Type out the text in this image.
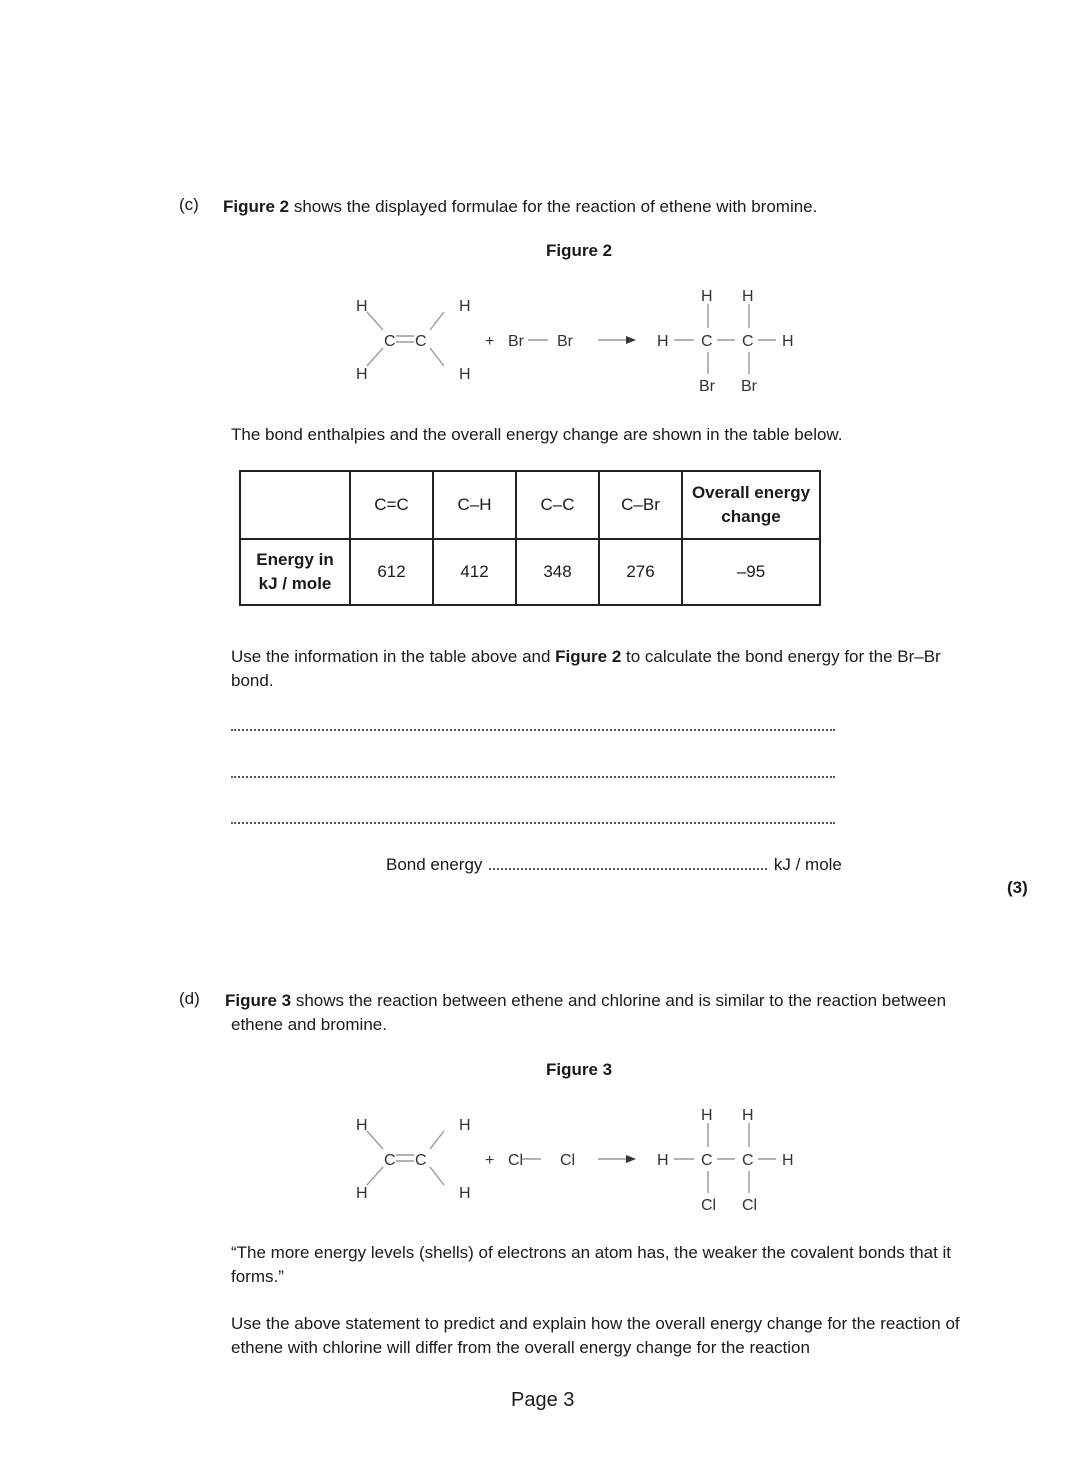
(c) Figure 2 shows the displayed formulae for the reaction of ethene with bromine.
Figure 2
H
H
C C
H
H
+ Br Br	H C C H
H H
Br Br
The bond enthalpies and the overall energy change are shown in the table below.
	C=C	C–H	C–C	C–Br	Overall energy change
Energy in kJ / mole	612	412	348	276	–95
Use the information in the table above and Figure 2 to calculate the bond energy for the Br–Br bond.
Bond energy	kJ / mole
(3)
(d) Figure 3 shows the reaction between ethene and chlorine and is similar to the reaction between ethene and bromine.
Figure 3
H
H
C C
H
H
+ Cl Cl	H C C H
H H
Cl Cl
“The more energy levels (shells) of electrons an atom has, the weaker the covalent bonds that it forms.”
Use the above statement to predict and explain how the overall energy change for the reaction of ethene with chlorine will differ from the overall energy change for the reaction
Page 3
